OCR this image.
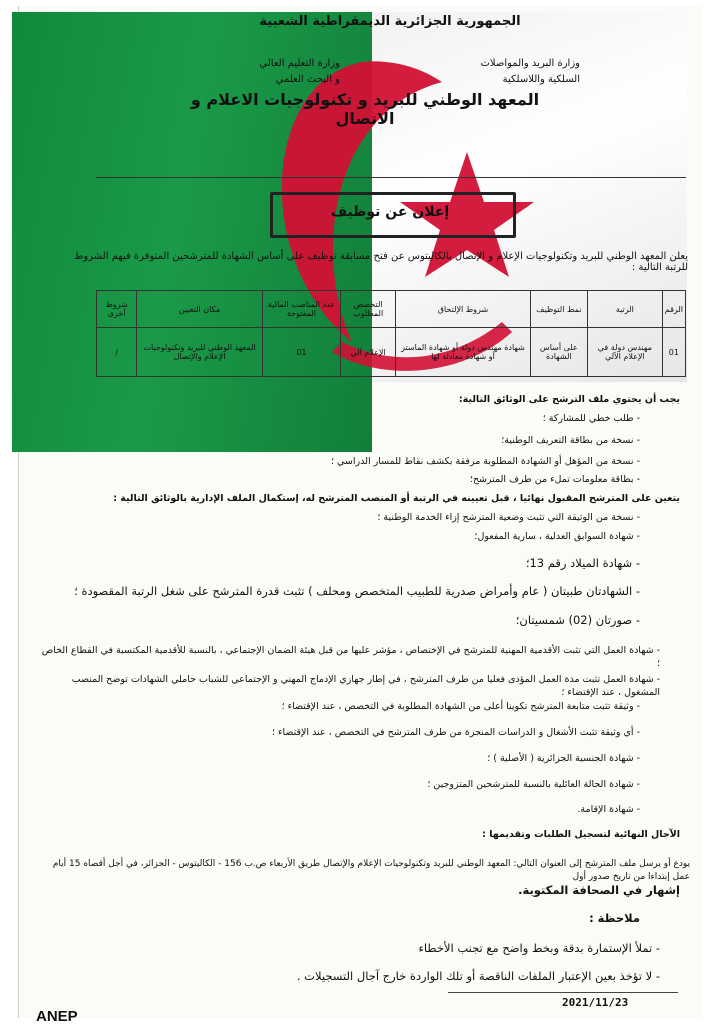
الجمهورية الجزائرية الديمقراطية الشعبية
وزارة البريد والمواصلات
السلكية واللاسلكية
وزارة التعليم العالي
و البحث العلمي
المعهد الوطني للبريد و تكنولوجيات الاعلام و الاتصال
إعلان عن توظيف
يعلن المعهد الوطني للبريد وتكنولوجيات الإعلام و الإتصال بالكاليتوس عن فتح مسابقة توظيف على أساس الشهادة للمترشحين المتوفرة فيهم الشروط للرتبة التالية :
الرقم	الرتبة	نمط التوظيف	شروط الإلتحاق	التخصص المطلوب	عدد المناصب المالية المفتوحة	مكان التعيين	شروط أخرى
01	مهندس دولة في الإعلام الآلي	على أساس الشهادة	شهادة مهندس دولة أو شهادة الماستر أو شهادة معادلة لها	الإعلام آلي	01	المعهد الوطني للبريد وتكنولوجيات الإعلام والإتصال	/
يجب أن يحتوي ملف الترشح على الوثائق التالية:
- طلب خطي للمشاركة ؛
- نسخة من بطاقة التعريف الوطنية؛
- نسخة من المؤهل أو الشهادة المطلوبة مرفقة بكشف نقاط للمسار الدراسي ؛
- بطاقة معلومات تملء من طرف المترشح؛
يتعين على المترشح المقبول نهائيا ، قبل تعيينه في الرتبة أو المنصب المترشح له، إستكمال الملف الإدارية بالوثائق التالية :
- نسخة من الوثيقة التي تثبت وضعية المترشح إزاء الخدمة الوطنية ؛
- شهادة السوابق العدلية ، سارية المفعول؛
- شهادة الميلاد رقم 13؛
- الشهادتان طبيتان ( عام وأمراض صدرية للطبيب المتخصص ومحلف ) تثبت قدرة المترشح على شغل الرتبة المقصودة ؛
- صورتان (02) شمسيتان؛
- شهادة العمل التي تثبت الأقدمية المهنية للمترشح في الإختصاص ، مؤشر عليها من قبل هيئة الضمان الإجتماعي ، بالنسبة للأقدمية المكتسبة في القطاع الخاص ؛
- شهادة العمل تثبت مدة العمل المؤدى فعليا من طرف المترشح ، في إطار جهازي الإدماج المهني و الإجتماعي للشباب حاملي الشهادات توضح المنصب المشغول ، عند الإقتضاء ؛
- وثيقة تثبت متابعة المترشح تكوينا أعلى من الشهادة المطلوبة في التخصص ، عند الإقتضاء ؛
- أي وثيقة تثبت الأشغال و الدراسات المنجزة من طرف المترشح في التخصص ، عند الإقتضاء ؛
- شهادة الجنسية الجزائرية ( الأصلية ) ؛
- شهادة الحالة العائلية بالنسبة للمترشحين المتزوجين ؛
- شهادة الإقامة.
الآجال النهائية لتسجيل الطلبات وتقديمها :
يودع أو يرسل ملف المترشح إلى العنوان التالي: المعهد الوطني للبريد وتكنولوجيات الإعلام والإتصال طريق الأربعاء ص.ب 156 - الكاليتوس - الجزائر، في أجل أقصاه 15 أيام عمل إبتداءا من تاريخ صدور أول
إشهار في الصحافة المكتوبة.
ملاحظة :
- تملأ الإستمارة بدقة وبخط واضح مع تجنب الأخطاء
- لا تؤخذ بعين الإعتبار الملفات الناقصة أو تلك الواردة خارج آجال التسجيلات .
2021/11/23
ANEP
